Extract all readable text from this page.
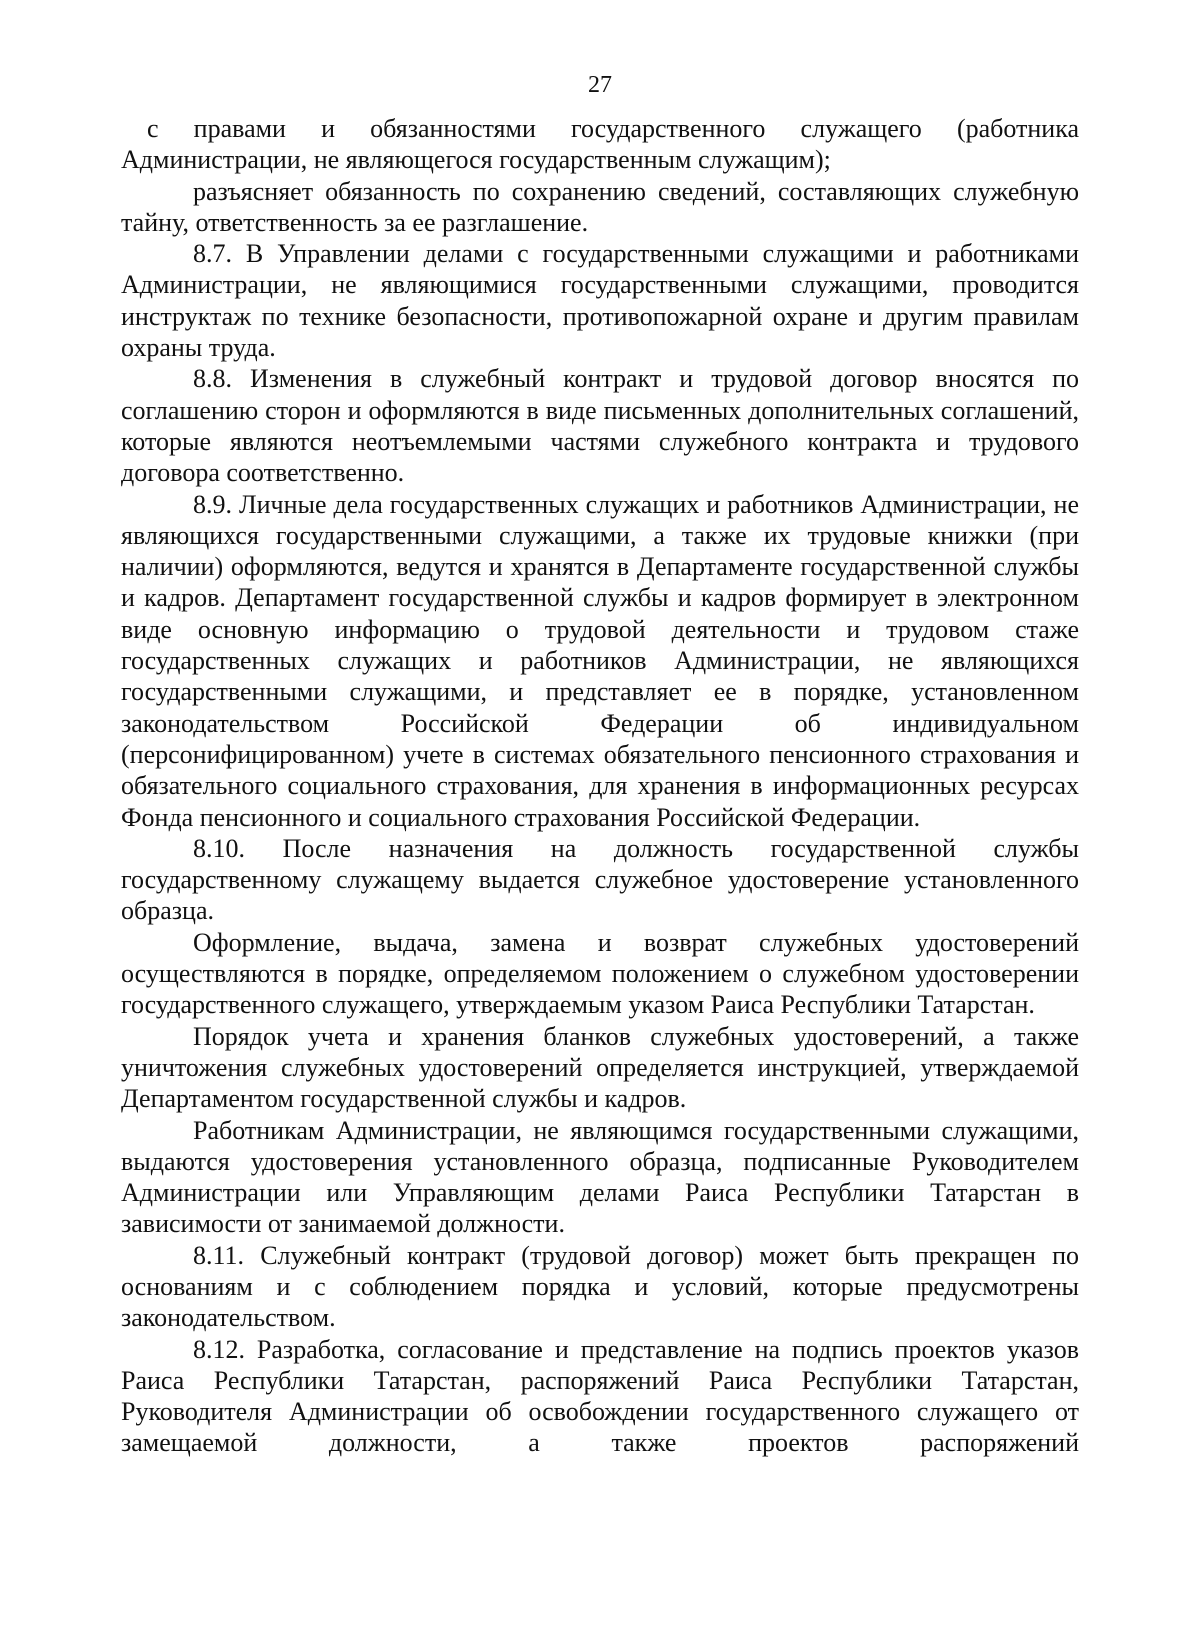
27

с правами и обязанностями государственного служащего (работника Администрации, не являющегося государственным служащим);

разъясняет обязанность по сохранению сведений, составляющих служебную тайну, ответственность за ее разглашение.

8.7. В Управлении делами с государственными служащими и работниками Администрации, не являющимися государственными служащими, проводится инструктаж по технике безопасности, противопожарной охране и другим правилам охраны труда.

8.8. Изменения в служебный контракт и трудовой договор вносятся по соглашению сторон и оформляются в виде письменных дополнительных соглашений, которые являются неотъемлемыми частями служебного контракта и трудового договора соответственно.

8.9. Личные дела государственных служащих и работников Администрации, не являющихся государственными служащими, а также их трудовые книжки (при наличии) оформляются, ведутся и хранятся в Департаменте государственной службы и кадров. Департамент государственной службы и кадров формирует в электронном виде основную информацию о трудовой деятельности и трудовом стаже государственных служащих и работников Администрации, не являющихся государственными служащими, и представляет ее в порядке, установленном законодательством Российской Федерации об индивидуальном (персонифицированном) учете в системах обязательного пенсионного страхования и обязательного социального страхования, для хранения в информационных ресурсах Фонда пенсионного и социального страхования Российской Федерации.

8.10. После назначения на должность государственной службы государственному служащему выдается служебное удостоверение установленного образца.

Оформление, выдача, замена и возврат служебных удостоверений осуществляются в порядке, определяемом положением о служебном удостоверении государственного служащего, утверждаемым указом Раиса Республики Татарстан.

Порядок учета и хранения бланков служебных удостоверений, а также уничтожения служебных удостоверений определяется инструкцией, утверждаемой Департаментом государственной службы и кадров.

Работникам Администрации, не являющимся государственными служащими, выдаются удостоверения установленного образца, подписанные Руководителем Администрации или Управляющим делами Раиса Республики Татарстан в зависимости от занимаемой должности.

8.11. Служебный контракт (трудовой договор) может быть прекращен по основаниям и с соблюдением порядка и условий, которые предусмотрены законодательством.

8.12. Разработка, согласование и представление на подпись проектов указов Раиса Республики Татарстан, распоряжений Раиса Республики Татарстан, Руководителя Администрации об освобождении государственного служащего от замещаемой должности, а также проектов распоряжений
